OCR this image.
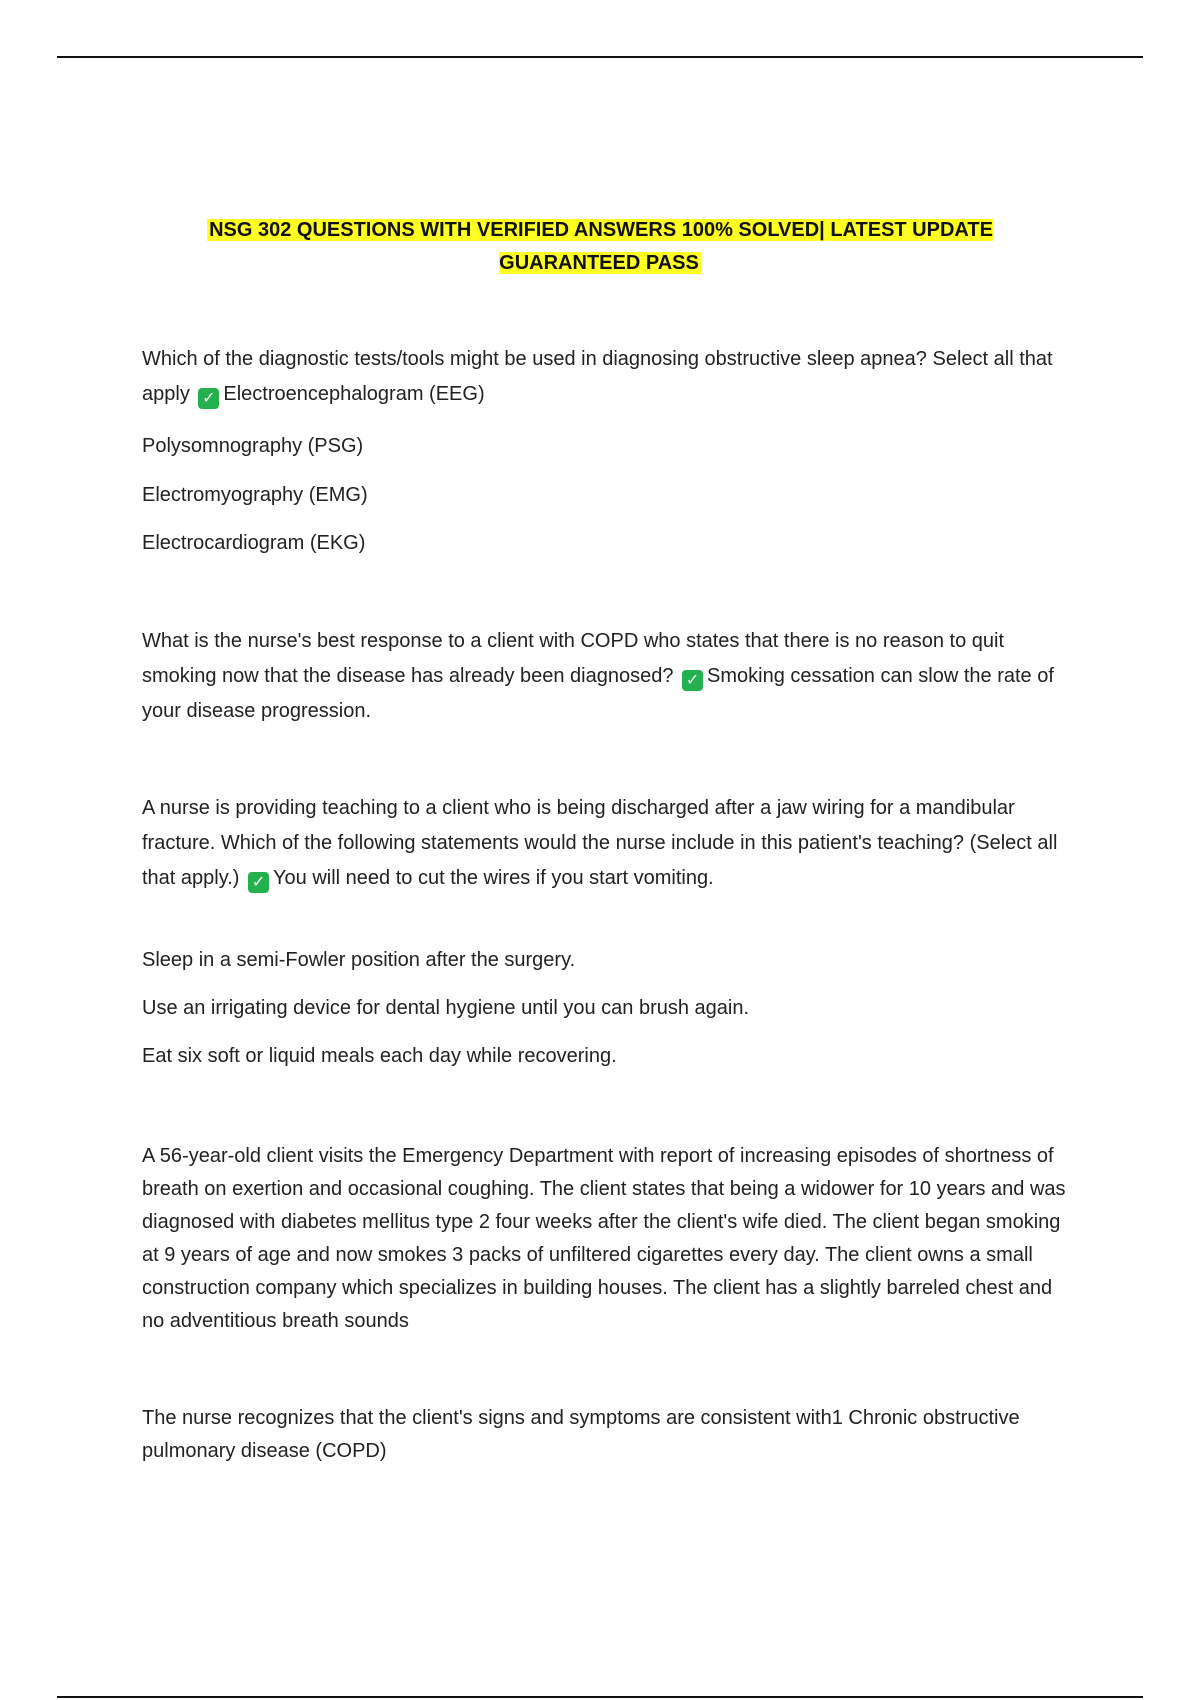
NSG 302 QUESTIONS WITH VERIFIED ANSWERS 100% SOLVED| LATEST UPDATE GUARANTEED PASS
Which of the diagnostic tests/tools might be used in diagnosing obstructive sleep apnea? Select all that apply ✓ Electroencephalogram (EEG)
Polysomnography (PSG)
Electromyography (EMG)
Electrocardiogram (EKG)
What is the nurse's best response to a client with COPD who states that there is no reason to quit smoking now that the disease has already been diagnosed? ✓ Smoking cessation can slow the rate of your disease progression.
A nurse is providing teaching to a client who is being discharged after a jaw wiring for a mandibular fracture. Which of the following statements would the nurse include in this patient's teaching? (Select all that apply.) ✓ You will need to cut the wires if you start vomiting.
Sleep in a semi-Fowler position after the surgery.
Use an irrigating device for dental hygiene until you can brush again.
Eat six soft or liquid meals each day while recovering.
A 56-year-old client visits the Emergency Department with report of increasing episodes of shortness of breath on exertion and occasional coughing. The client states that being a widower for 10 years and was diagnosed with diabetes mellitus type 2 four weeks after the client's wife died. The client began smoking at 9 years of age and now smokes 3 packs of unfiltered cigarettes every day. The client owns a small construction company which specializes in building houses. The client has a slightly barreled chest and no adventitious breath sounds
The nurse recognizes that the client's signs and symptoms are consistent with1 Chronic obstructive pulmonary disease (COPD)
